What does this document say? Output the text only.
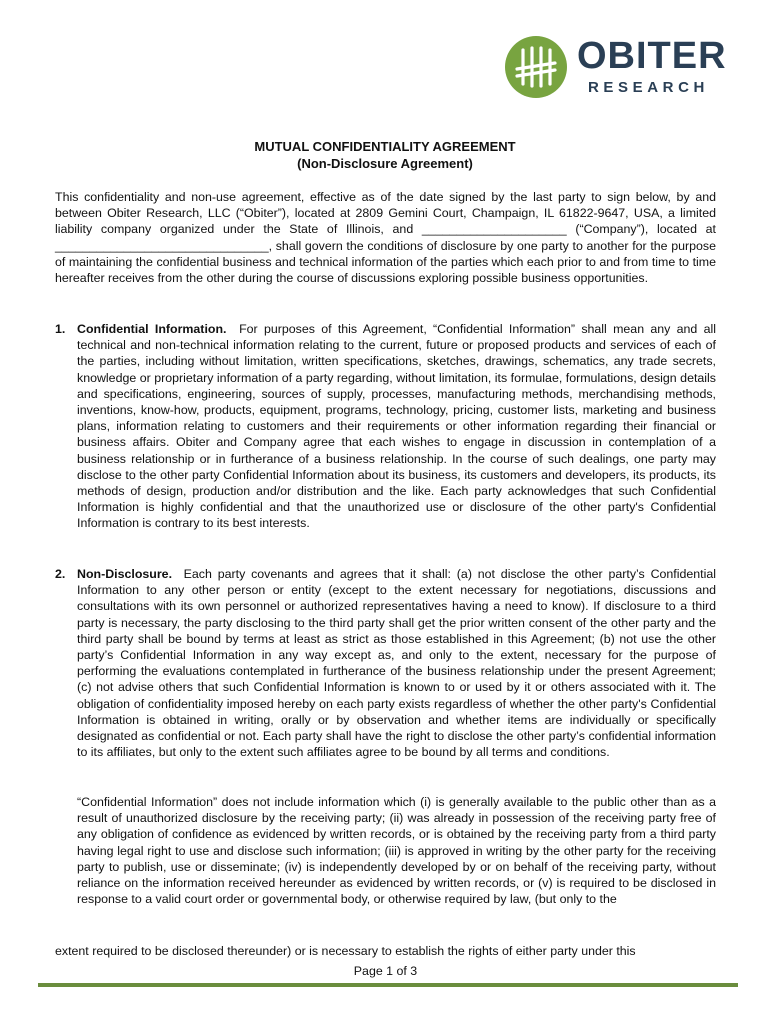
OBITER
RESEARCH
MUTUAL CONFIDENTIALITY AGREEMENT
(Non-Disclosure Agreement)
This confidentiality and non-use agreement, effective as of the date signed by the last party to sign below, by and between Obiter Research, LLC (“Obiter”), located at 2809 Gemini Court, Champaign, IL 61822-9647, USA, a limited liability company organized under the State of Illinois, and _____________________ (“Company”), located at _______________________________, shall govern the conditions of disclosure by one party to another for the purpose of maintaining the confidential business and technical information of the parties which each prior to and from time to time hereafter receives from the other during the course of discussions exploring possible business opportunities.
1. Confidential Information. For purposes of this Agreement, “Confidential Information” shall mean any and all technical and non-technical information relating to the current, future or proposed products and services of each of the parties, including without limitation, written specifications, sketches, drawings, schematics, any trade secrets, knowledge or proprietary information of a party regarding, without limitation, its formulae, formulations, design details and specifications, engineering, sources of supply, processes, manufacturing methods, merchandising methods, inventions, know-how, products, equipment, programs, technology, pricing, customer lists, marketing and business plans, information relating to customers and their requirements or other information regarding their financial or business affairs. Obiter and Company agree that each wishes to engage in discussion in contemplation of a business relationship or in furtherance of a business relationship. In the course of such dealings, one party may disclose to the other party Confidential Information about its business, its customers and developers, its products, its methods of design, production and/or distribution and the like. Each party acknowledges that such Confidential Information is highly confidential and that the unauthorized use or disclosure of the other party's Confidential Information is contrary to its best interests.
2. Non-Disclosure. Each party covenants and agrees that it shall: (a) not disclose the other party’s Confidential Information to any other person or entity (except to the extent necessary for negotiations, discussions and consultations with its own personnel or authorized representatives having a need to know). If disclosure to a third party is necessary, the party disclosing to the third party shall get the prior written consent of the other party and the third party shall be bound by terms at least as strict as those established in this Agreement; (b) not use the other party’s Confidential Information in any way except as, and only to the extent, necessary for the purpose of performing the evaluations contemplated in furtherance of the business relationship under the present Agreement; (c) not advise others that such Confidential Information is known to or used by it or others associated with it. The obligation of confidentiality imposed hereby on each party exists regardless of whether the other party's Confidential Information is obtained in writing, orally or by observation and whether items are individually or specifically designated as confidential or not. Each party shall have the right to disclose the other party’s confidential information to its affiliates, but only to the extent such affiliates agree to be bound by all terms and conditions.
“Confidential Information” does not include information which (i) is generally available to the public other than as a result of unauthorized disclosure by the receiving party; (ii) was already in possession of the receiving party free of any obligation of confidence as evidenced by written records, or is obtained by the receiving party from a third party having legal right to use and disclose such information; (iii) is approved in writing by the other party for the receiving party to publish, use or disseminate; (iv) is independently developed by or on behalf of the receiving party, without reliance on the information received hereunder as evidenced by written records, or (v) is required to be disclosed in response to a valid court order or governmental body, or otherwise required by law, (but only to the
extent required to be disclosed thereunder) or is necessary to establish the rights of either party under this
Page 1 of 3
